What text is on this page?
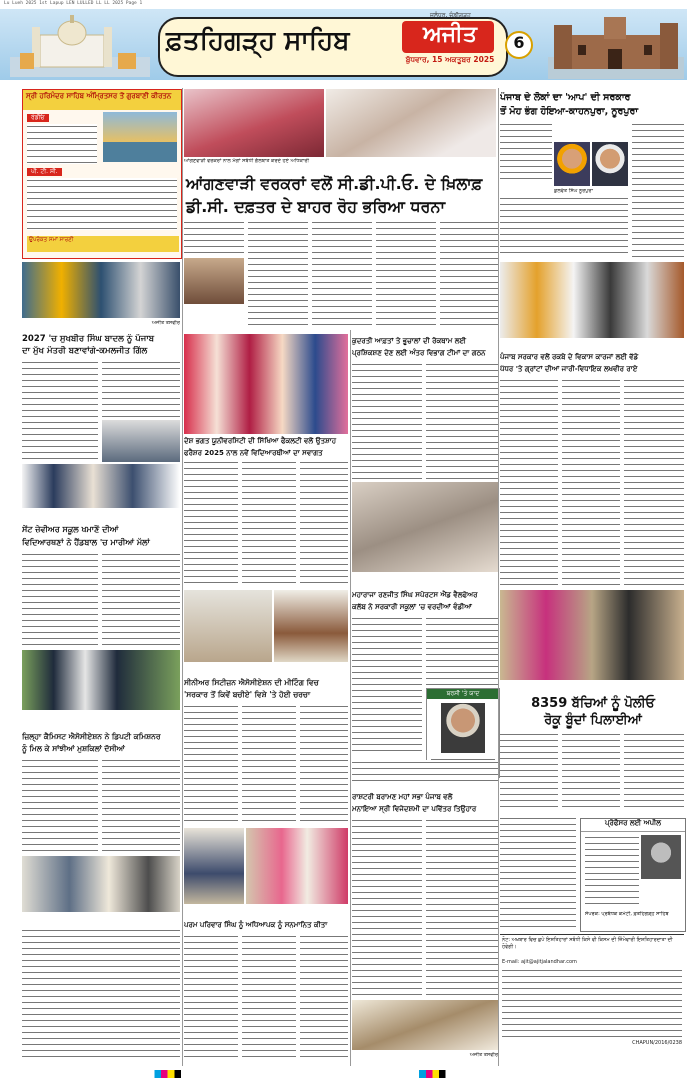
Lu Lueh 2025 1st Lapup LEN LULLED LL LL 2025 Page 1
ਫ਼ਤਹਿਗੜ੍ਹ ਸਾਹਿਬ	ਅਜੀਤ
ਜਲੰਧਰ, ਚੰਡੀਗੜ੍ਹ
ਬੁੱਧਵਾਰ, 15 ਅਕਤੂਬਰ 2025
6
ਸ੍ਰੀ ਹਰਿਮੰਦਰ ਸਾਹਿਬ ਅੰਮ੍ਰਿਤਸਰ ਤੋਂ ਗੁਰਬਾਣੀ ਕੀਰਤਨ
ਰੇਡੀਓ
ਪੀ. ਟੀ. ਸੀ.
ਉਪਰੋਕਤ ਸਮਾਂ ਸਾਰਣੀ
ਆਂਗਣਵਾੜੀ ਵਰਕਰਾਂ ਨਾਲ ਮੰਗਾਂ ਸਬੰਧੀ ਗੱਲਬਾਤ ਕਰਦੇ ਹੋਏ ਅਧਿਕਾਰੀ
ਆਂਗਣਵਾੜੀ ਵਰਕਰਾਂ ਵਲੋਂ ਸੀ.ਡੀ.ਪੀ.ਓ. ਦੇ ਖ਼ਿਲਾਫ਼
ਡੀ.ਸੀ. ਦਫ਼ਤਰ ਦੇ ਬਾਹਰ ਰੋਹ ਭਰਿਆ ਧਰਨਾ
ਪੰਜਾਬ ਦੇ ਲੋਕਾਂ ਦਾ 'ਆਪ' ਦੀ ਸਰਕਾਰ
ਤੋਂ ਮੋਹ ਭੰਗ ਹੋਇਆ-ਕਾਹਨਪੁਰਾ, ਨੂਰਪੁਰਾ
ਕੁਲਵੰਤ ਸਿੰਘ ਨੂਰਪੁਰਾ
ਅਜੀਤ ਤਸਵੀਰ
2027 'ਚ ਸੁਖਬੀਰ ਸਿੰਘ ਬਾਦਲ ਨੂੰ ਪੰਜਾਬ
ਦਾ ਮੁੱਖ ਮੰਤਰੀ ਬਣਾਵਾਂਗੇ-ਕਮਲਜੀਤ ਗਿੱਲ
ਦੇਸ਼ ਭਗਤ ਯੂਨੀਵਰਸਿਟੀ ਦੀ ਸਿੱਖਿਆ ਫੈਕਲਟੀ ਵਲੋਂ ਉਤਸ਼ਾਹ
ਫਰੈਸ਼ਰ 2025 ਨਾਲ ਨਵੇਂ ਵਿਦਿਆਰਥੀਆਂ ਦਾ ਸਵਾਗਤ
ਕੁਦਰਤੀ ਆਫ਼ਤਾਂ ਤੇ ਭੂਚਾਲਾਂ ਦੀ ਰੋਕਥਾਮ ਲਈ
ਪ੍ਰਸ਼ਿਕਸ਼ਣ ਦੇਣ ਲਈ ਅੰਤਰ ਵਿਭਾਗ ਟੀਮਾਂ ਦਾ ਗਠਨ	ਪੰਜਾਬ ਸਰਕਾਰ ਵਲੋਂ ਰਕਬੇ ਦੇ ਵਿਕਾਸ ਕਾਰਜਾਂ ਲਈ ਵੱਡੇ
ਪੱਧਰ 'ਤੇ ਗ੍ਰਾਂਟਾਂ ਦੀਆਂ ਜਾਰੀ-ਵਿਧਾਇਕ ਲਖਵੀਰ ਰਾਏ
ਸੇਂਟ ਜ਼ੇਵੀਅਰ ਸਕੂਲ ਖਮਾਣੋਂ ਦੀਆਂ
ਵਿਦਿਆਰਥਣਾਂ ਨੇ ਹੈਂਡਬਾਲ 'ਚ ਮਾਰੀਆਂ ਮੱਲਾਂ
ਸੀਨੀਅਰ ਸਿਟੀਜ਼ਨ ਐਸੋਸੀਏਸ਼ਨ ਦੀ ਮੀਟਿੰਗ ਵਿਚ
'ਸਰਕਾਰ ਤੋਂ ਕਿਵੇਂ ਬਚੀਏ' ਵਿਸ਼ੇ 'ਤੇ ਹੋਈ ਚਰਚਾ
ਮਹਾਰਾਜਾ ਰਣਜੀਤ ਸਿੰਘ ਸਪੋਰਟਸ ਐਂਡ ਵੈਲਫੇਅਰ
ਕਲੱਬ ਨੇ ਸਰਕਾਰੀ ਸਕੂਲਾਂ 'ਚ ਵਰਦੀਆਂ ਵੰਡੀਆਂ
ਬਰਸੀ 'ਤੇ ਯਾਦ
8359 ਬੱਚਿਆਂ ਨੂੰ ਪੋਲੀਓ
ਰੋਕੂ ਬੂੰਦਾਂ ਪਿਲਾਈਆਂ
ਜ਼ਿਲ੍ਹਾ ਕੈਮਿਸਟ ਐਸੋਸੀਏਸ਼ਨ ਨੇ ਡਿਪਟੀ ਕਮਿਸ਼ਨਰ
ਨੂੰ ਮਿਲ ਕੇ ਸਾਂਝੀਆਂ ਮੁਸ਼ਕਿਲਾਂ ਦੱਸੀਆਂ
ਪਰਮ ਪਰਿਵਾਰ ਸਿੰਘ ਨੂੰ ਅਧਿਆਪਕ ਨੂੰ ਸਨਮਾਨਿਤ ਕੀਤਾ
ਰਾਸ਼ਟਰੀ ਬਰਾਮਣ ਮਹਾਂ ਸਭਾ ਪੰਜਾਬ ਵਲੋਂ
ਮਨਾਇਆ ਸ੍ਰੀ ਵਿਜੇਦਸ਼ਮੀ ਦਾ ਪਵਿੱਤਰ ਤਿਉਹਾਰ
ਅਜੀਤ ਤਸਵੀਰ
ਪ੍ਰੋਫੈਸਰ ਲਈ ਅਪੀਲ
ਸੰਪਰਕ: ਪ੍ਰਬੰਧਕ ਕਮੇਟੀ, ਫ਼ਤਹਿਗੜ੍ਹ ਸਾਹਿਬ
ਨੋਟ: ਅਖ਼ਬਾਰ ਵਿਚ ਛਪੇ ਇਸ਼ਤਿਹਾਰਾਂ ਸਬੰਧੀ ਕਿਸੇ ਵੀ ਕਿਸਮ ਦੀ ਜ਼ਿੰਮੇਵਾਰੀ ਇਸ਼ਤਿਹਾਰਦਾਤਾ ਦੀ ਹੋਵੇਗੀ।
E-mail: ajit@ajitjalandhar.com
CHAPUN/2016/0238
